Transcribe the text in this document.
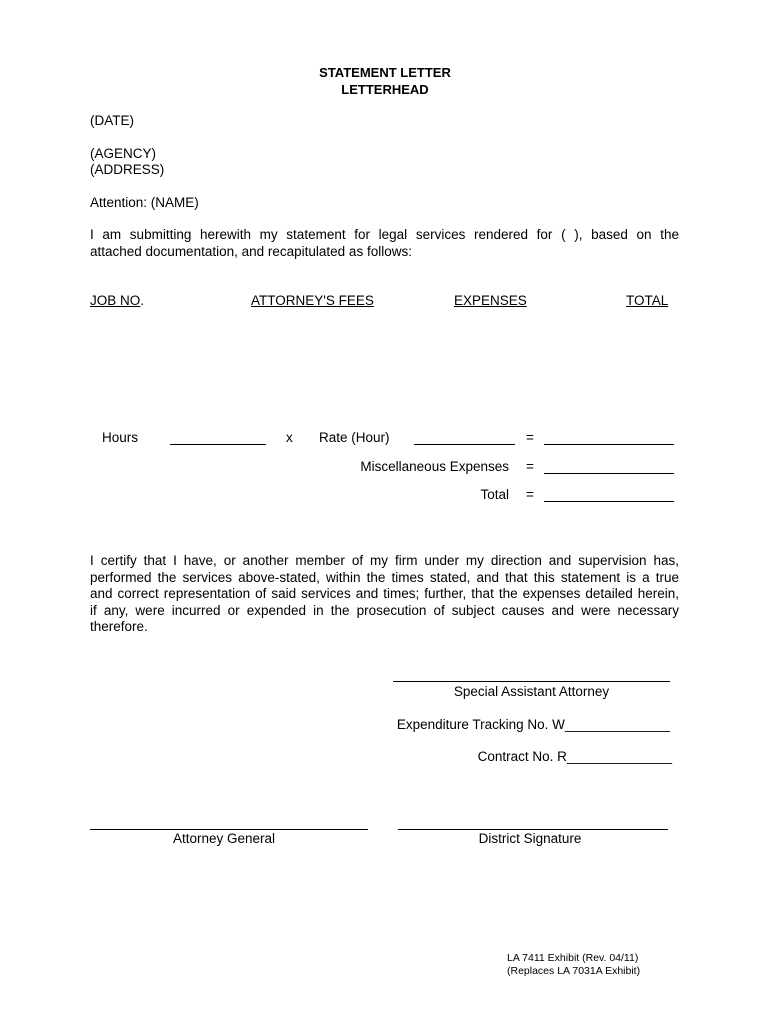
STATEMENT LETTER
LETTERHEAD
(DATE)
(AGENCY)
(ADDRESS)
Attention: (NAME)
I am submitting herewith my statement for legal services rendered for ( ), based on the
attached documentation, and recapitulated as follows:
JOB NO.	ATTORNEY'S FEES	EXPENSES	TOTAL
Hours	x Rate (Hour)	=
Miscellaneous Expenses =
Total =
I certify that I have, or another member of my firm under my direction and supervision has,
performed the services above-stated, within the times stated, and that this statement is a true
and correct representation of said services and times; further, that the expenses detailed herein,
if any, were incurred or expended in the prosecution of subject causes and were necessary
therefore.
Special Assistant Attorney
Expenditure Tracking No. W______________
Contract No. R______________
Attorney General	District Signature
LA 7411 Exhibit (Rev. 04/11)
(Replaces LA 7031A Exhibit)
